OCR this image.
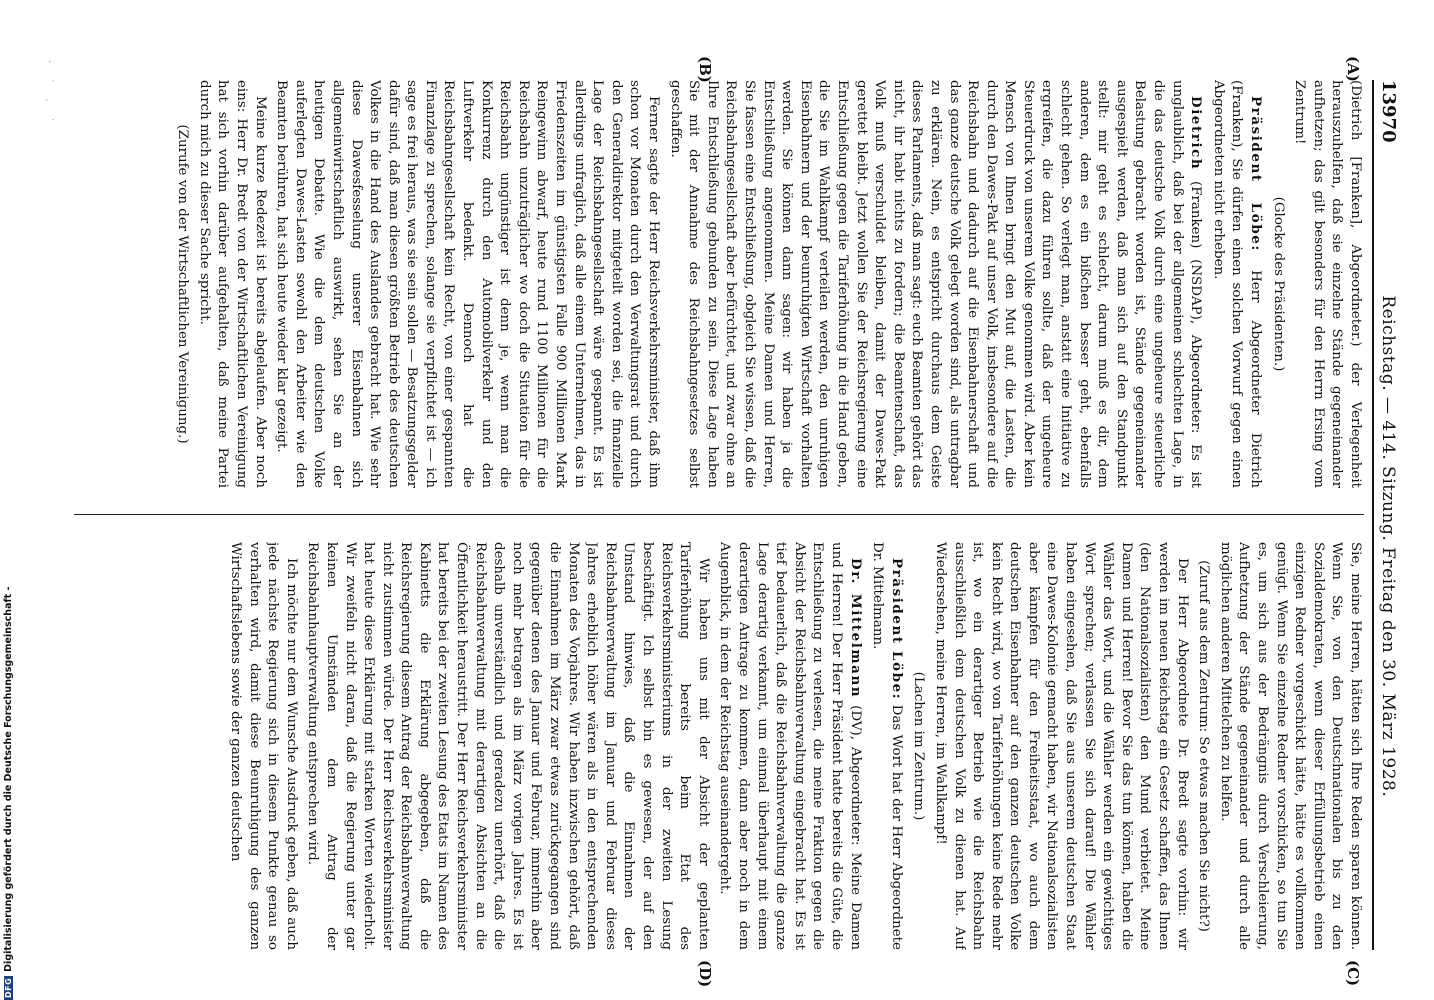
13970
Reichstag. — 414. Sitzung. Freitag den 30. März 1928.
(A)
(B)
(C)
(D)

(Dietrich [Franken], Abgeordneter.) der Verlegenheit herauszuhelfen, daß sie einzelne Stände gegeneinander aufhetzen; das gilt besonders für den Herrn Ersing vom Zentrum!

(Glocke des Präsidenten.)

Präsident Löbe: Herr Abgeordneter Dietrich (Franken), Sie dürfen einen solchen Vorwurf gegen einen Abgeordneten nicht erheben.

Dietrich (Franken) (NSDAP), Abgeordneter: Es ist unglaublich, daß bei der allgemeinen schlechten Lage, in die das deutsche Volk durch eine ungeheure steuerliche Belastung gebracht worden ist, Stände gegeneinander ausgespielt werden, daß man sich auf den Standpunkt stellt: mir geht es schlecht, darum muß es dir, dem anderen, dem es ein bißchen besser geht, ebenfalls schlecht gehen. So verlegt man, anstatt eine Initiative zu ergreifen, die dazu führen sollte, daß der ungeheure Steuerdruck von unserem Volke genommen wird. Aber kein Mensch von Ihnen bringt den Mut auf, die Lasten, die durch den Dawes-Pakt auf unser Volk, insbesondere auf die Reichsbahn und dadurch auf die Eisenbahnerschaft und das ganze deutsche Volk gelegt worden sind, als untragbar zu erklären. Nein, es entspricht durchaus dem Geiste dieses Parlaments, daß man sagt: euch Beamten gehört das nicht, ihr habt nichts zu fordern; die Beamtenschaft, das Volk muß verschuldet bleiben, damit der Dawes-Pakt gerettet bleibt. Jetzt wollen Sie der Reichsregierung eine Entschließung gegen die Tariferhöhung in die Hand geben, die Sie im Wahlkampf verteilen werden, den unruhigen Eisenbahnern und der beunruhigten Wirtschaft vorhalten werden. Sie können dann sagen: wir haben ja die Entschließung angenommen. Meine Damen und Herren, Sie fassen eine Entschließung, obgleich Sie wissen, daß die Reichsbahngesellschaft aber befürchtet, und zwar ohne an Ihre Entschließung gebunden zu sein. Diese Lage haben Sie mit der Annahme des Reichsbahngesetzes selbst geschaffen.

Ferner sagte der Herr Reichsverkehrsminister, daß ihm schon vor Monaten durch den Verwaltungsrat und durch den Generaldirektor mitgeteilt worden sei, die finanzielle Lage der Reichsbahngesellschaft wäre gespannt. Es ist allerdings unfraglich, daß alle einem Unternehmen, das in Friedenszeiten im günstigsten Falle 900 Millionen Mark Reingewinn abwarf, heute rund 1100 Millionen für die Reichsbahn unzuträglicher wo doch die Situation für die Reichsbahn ungünstiger ist denn je, wenn man die Konkurrenz durch den Automobilverkehr und den Luftverkehr bedenkt. Dennoch hat die Reichsbahngesellschaft kein Recht, von einer gespannten Finanzlage zu sprechen, solange sie verpflichtet ist — ich sage es frei heraus, was sie sein sollen — Besatzungsgelder dafür sind, daß man diesen größten Betrieb des deutschen Volkes in die Hand des Auslandes gebracht hat. Wie sehr diese Dawesfesselung unserer Eisenbahnen sich allgemeinwirtschaftlich auswirkt, sehen Sie an der heutigen Debatte. Wie die dem deutschen Volke auferlegten Dawes-Lasten sowohl den Arbeiter wie den Beamten berühren, hat sich heute wieder klar gezeigt.

Meine kurze Redezeit ist bereits abgelaufen. Aber noch eins: Herr Dr. Bredt von der Wirtschaftlichen Vereinigung hat sich vorhin darüber aufgehalten, daß meine Partei durch mich zu dieser Sache spricht.

(Zurufe von der Wirtschaftlichen Vereinigung.)

Sie, meine Herren, hätten sich Ihre Reden sparen können. Wenn Sie, von den Deutschnationalen bis zu den Sozialdemokraten, wenn dieser Erfüllungsbetrieb einen einzigen Redner vorgeschickt hätte, hätte es vollkommen genügt. Wenn Sie einzelne Redner vorschicken, so tun Sie es, um sich aus der Bedrängnis durch Verschleierung, Aufhetzung der Stände gegeneinander und durch alle möglichen anderen Mittelchen zu helfen.

(Zuruf aus dem Zentrum: So etwas machen Sie nicht?)

Der Herr Abgeordnete Dr. Bredt sagte vorhin: wir werden im neuen Reichstag ein Gesetz schaffen, das Ihnen (den Nationalsozialisten) den Mund verbietet. Meine Damen und Herren! Bevor Sie das tun können, haben die Wähler das Wort, und die Wähler werden ein gewichtiges Wort sprechen; verlassen Sie sich darauf! Die Wähler haben eingesehen, daß Sie aus unserem deutschen Staat eine Dawes-Kolonie gemacht haben, wir Nationalsozialisten aber kämpfen für den Freiheitsstaat, wo auch dem deutschen Eisenbahner auf den ganzen deutschen Volke kein Recht wird, wo von Tariferhöhungen keine Rede mehr ist, wo ein derartiger Betrieb wie die Reichsbahn ausschließlich dem deutschen Volk zu dienen hat. Auf Wiedersehen, meine Herren, im Wahlkampf!

(Lachen im Zentrum.)

Präsident Löbe: Das Wort hat der Herr Abgeordnete Dr. Mittelmann.

Dr. Mittelmann (DV), Abgeordneter: Meine Damen und Herren! Der Herr Präsident hatte bereits die Güte, die Entschließung zu verlesen, die meine Fraktion gegen die Absicht der Reichsbahnverwaltung eingebracht hat. Es ist tief bedauerlich, daß die Reichsbahnverwaltung die ganze Lage derartig verkannt, um einmal überhaupt mit einem derartigen Antrage zu kommen, dann aber noch in dem Augenblick, in dem der Reichstag auseinandergeht.

Wir haben uns mit der Absicht der geplanten Tariferhöhung bereits beim Etat des Reichsverkehrsministeriums in der zweiten Lesung beschäftigt. Ich selbst bin es gewesen, der auf den Umstand hinwies, daß die Einnahmen der Reichsbahnverwaltung im Januar und Februar dieses Jahres erheblich höher wären als in den entsprechenden Monaten des Vorjahres. Wir haben inzwischen gehört, daß die Einnahmen im März zwar etwas zurückgegangen sind gegenüber denen des Januar und Februar, immerhin aber noch mehr betragen als im März vorigen Jahres. Es ist deshalb unverständlich und geradezu unerhört, daß die Reichsbahnverwaltung mit derartigen Absichten an die Öffentlichkeit heraustritt. Der Herr Reichsverkehrsminister hat bereits bei der zweiten Lesung des Etats im Namen des Kabinetts die Erklärung abgegeben, daß die Reichsregierung diesem Antrag der Reichsbahnverwaltung nicht zustimmen würde. Der Herr Reichsverkehrsminister hat heute diese Erklärung mit starken Worten wiederholt. Wir zweifeln nicht daran, daß die Regierung unter gar keinen Umständen dem Antrag der Reichsbahnhauptverwaltung entsprechen wird.

Ich möchte nur dem Wunsche Ausdruck geben, daß auch jede nächste Regierung sich in diesem Punkte genau so verhalten wird, damit diese Beunruhigung des ganzen Wirtschaftslebens sowie der ganzen deutschen

· ˙ . ˙
DFG
Digitalisierung gefördert durch die Deutsche Forschungsgemeinschaft -
